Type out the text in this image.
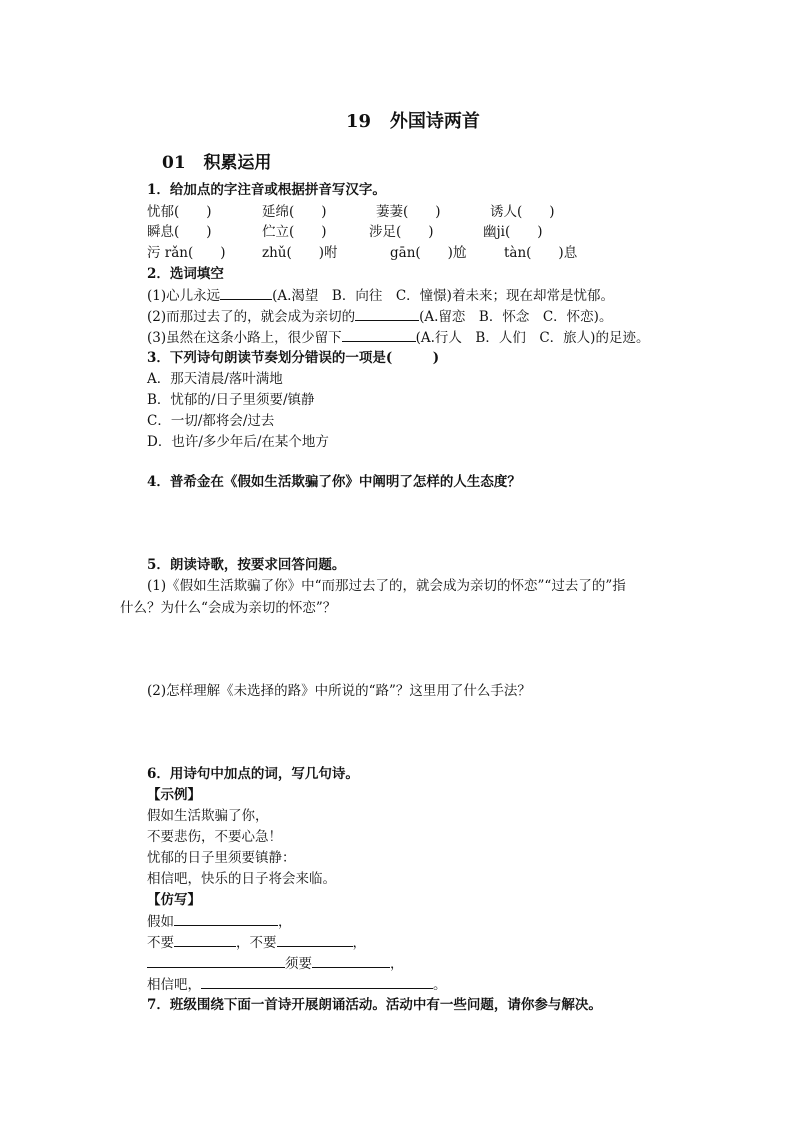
19 外国诗两首
01 积累运用
1．给加点的字注音或根据拼音写汉字。
忧郁(　　)	延绵(　　)	萋萋(　　)	诱人(　　)
瞬息(　　)	伫立(　　)	涉足(　　)	幽ji(　　)
污 rǎn(　　)	zhǔ(　　)咐	gān(　　)尬	tàn(　　)息
2．选词填空
(1)心儿永远	(A.渴望　B．向往　C．憧憬)着未来；现在却常是忧郁。
(2)而那过去了的，就会成为亲切的	(A.留恋　B．怀念　C．怀恋)。
(3)虽然在这条小路上，很少留下	(A.行人　B．人们　C．旅人)的足迹。
3．下列诗句朗读节奏划分错误的一项是(　　　)
A．那天清晨/落叶满地
B．忧郁的/日子里须要/镇静
C．一切/都将会/过去
D．也许/多少年后/在某个地方
4．普希金在《假如生活欺骗了你》中阐明了怎样的人生态度？
5．朗读诗歌，按要求回答问题。
(1)《假如生活欺骗了你》中“而那过去了的，就会成为亲切的怀恋”“过去了的”指
什么？为什么“会成为亲切的怀恋”？
(2)怎样理解《未选择的路》中所说的“路”？这里用了什么手法？
6．用诗句中加点的词，写几句诗。
【示例】
假如生活欺骗了你，
不要悲伤，不要心急！
忧郁的日子里须要镇静：
相信吧，快乐的日子将会来临。
【仿写】
假如	，
不要	，不要	，
须要	，
相信吧，	。
7．班级围绕下面一首诗开展朗诵活动。活动中有一些问题，请你参与解决。
